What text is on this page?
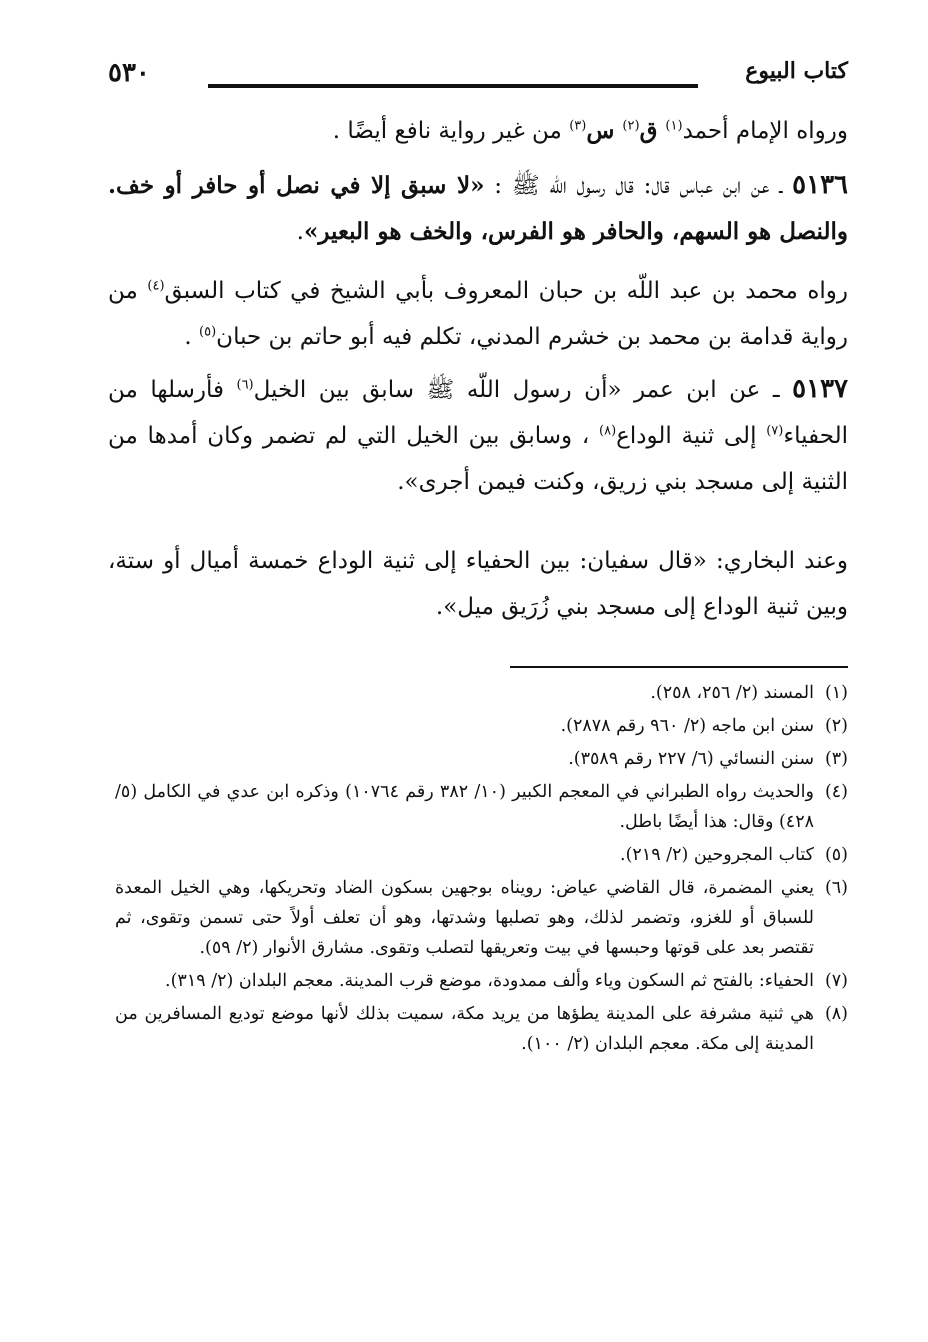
٥٣٠	كتاب البيوع

ورواه الإمام أحمد$^{(١)}$ ق$^{(٢)}$ س$^{(٣)}$ من غير رواية نافع أيضًا .

٥١٣٦ ـ عن ابن عباس قال: قال رسول اللّه ﷺ : «لا سبق إلا في نصل أو حافر أو خف. والنصل هو السهم، والحافر هو الفرس، والخف هو البعير».

رواه محمد بن عبد اللّه بن حبان المعروف بأبي الشيخ في كتاب السبق$^{(٤)}$ من رواية قدامة بن محمد بن خشرم المدني، تكلم فيه أبو حاتم بن حبان$^{(٥)}$ .

٥١٣٧ ـ عن ابن عمر «أن رسول اللّه ﷺ سابق بين الخيل$^{(٦)}$ فأرسلها من الحفياء$^{(٧)}$ إلى ثنية الوداع$^{(٨)}$ ، وسابق بين الخيل التي لم تضمر وكان أمدها من الثنية إلى مسجد بني زريق، وكنت فيمن أجرى».

وعند البخاري: «قال سفيان: بين الحفياء إلى ثنية الوداع خمسة أميال أو ستة، وبين ثنية الوداع إلى مسجد بني زُرَيق ميل».

(١)
المسند (٢/ ٢٥٦، ٢٥٨).
(٢)
سنن ابن ماجه (٢/ ٩٦٠ رقم ٢٨٧٨).
(٣)
سنن النسائي (٦/ ٢٢٧ رقم ٣٥٨٩).
(٤)
والحديث رواه الطبراني في المعجم الكبير (١٠/ ٣٨٢ رقم ١٠٧٦٤) وذكره ابن عدي في الكامل (٥/ ٤٢٨) وقال: هذا أيضًا باطل.
(٥)
كتاب المجروحين (٢/ ٢١٩).
(٦)
يعني المضمرة، قال القاضي عياض: رويناه بوجهين بسكون الضاد وتحريكها، وهي الخيل المعدة للسباق أو للغزو، وتضمر لذلك، وهو تصلبها وشدتها، وهو أن تعلف أولاً حتى تسمن وتقوى، ثم تقتصر بعد على قوتها وحبسها في بيت وتعريقها لتصلب وتقوى. مشارق الأنوار (٢/ ٥٩).
(٧)
الحفياء: بالفتح ثم السكون وياء وألف ممدودة، موضع قرب المدينة. معجم البلدان (٢/ ٣١٩).
(٨)
هي ثنية مشرفة على المدينة يطؤها من يريد مكة، سميت بذلك لأنها موضع توديع المسافرين من المدينة إلى مكة. معجم البلدان (٢/ ١٠٠).
